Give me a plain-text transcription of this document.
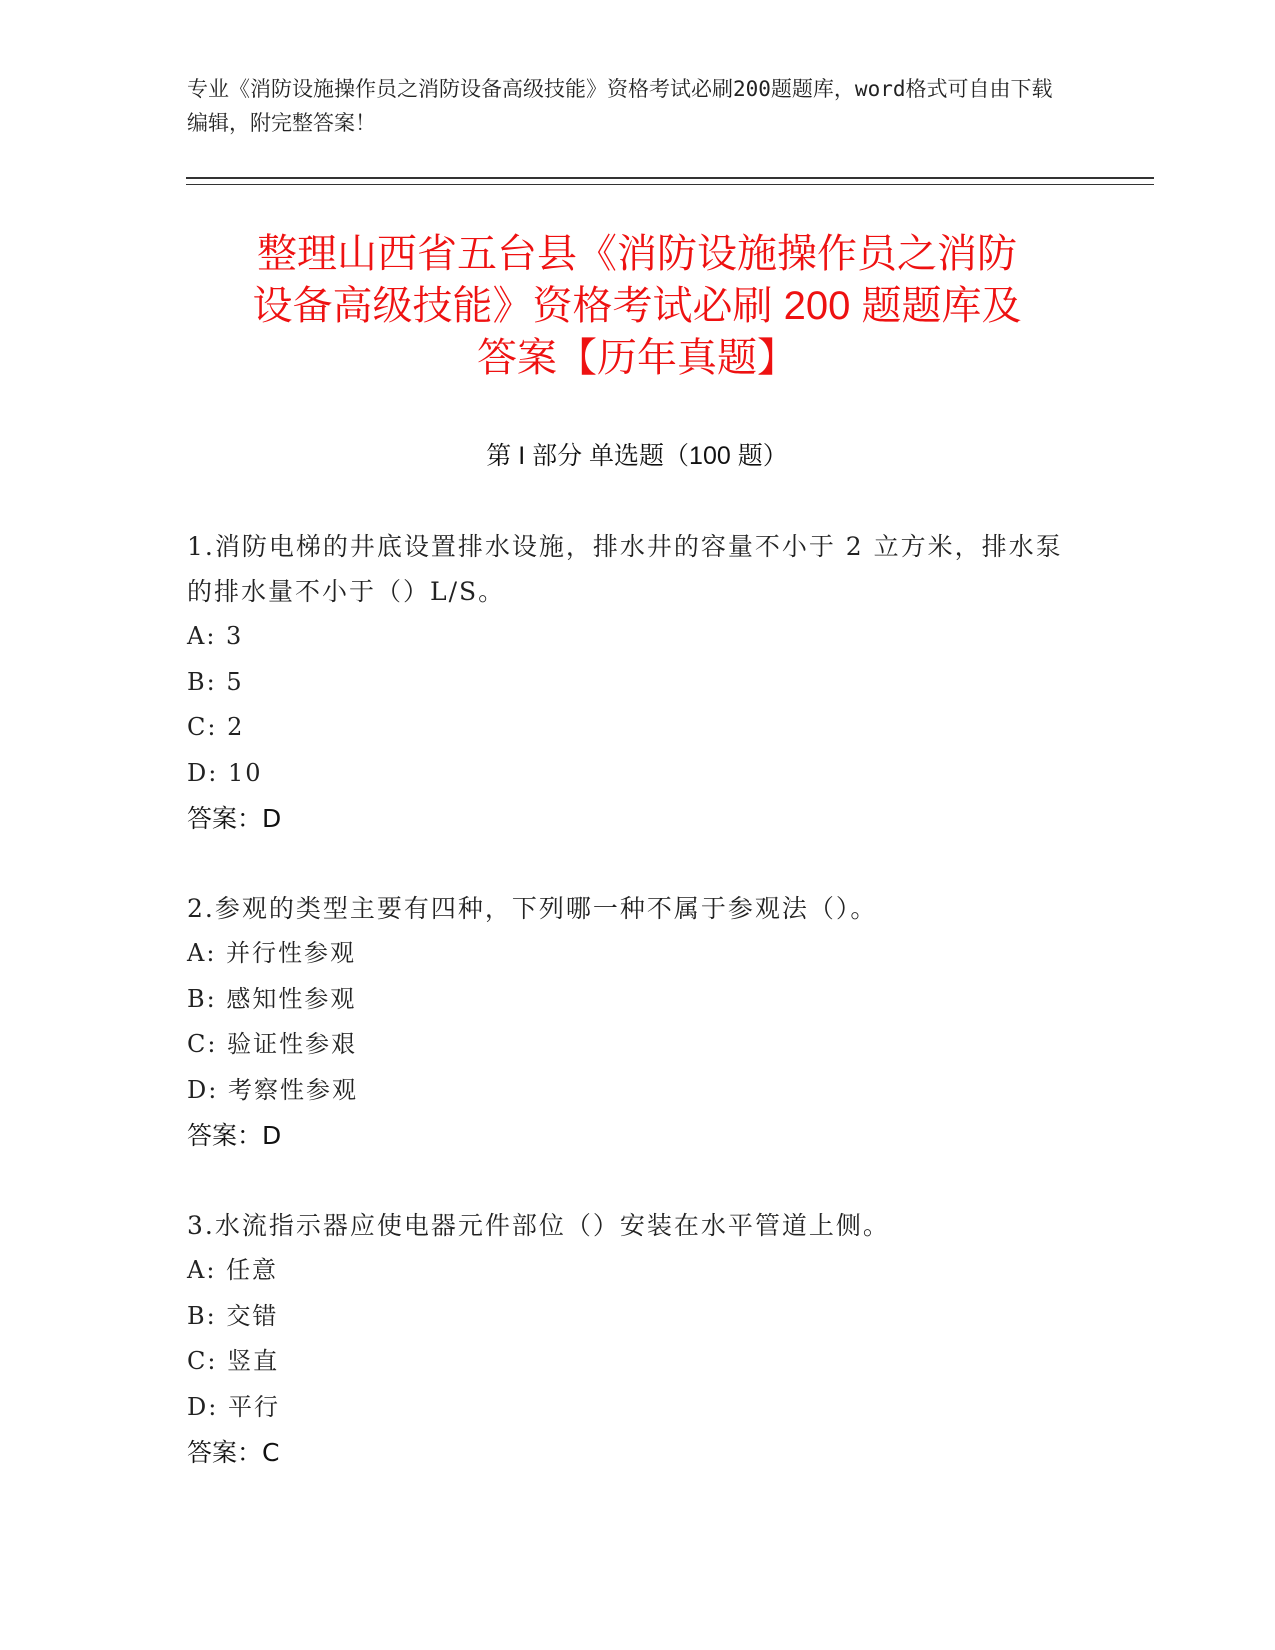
专业《消防设施操作员之消防设备高级技能》资格考试必刷200题题库，word格式可自由下载编辑，附完整答案！
整理山西省五台县《消防设施操作员之消防
设备高级技能》资格考试必刷 200 题题库及
答案【历年真题】
第 I 部分 单选题（100 题）

1.消防电梯的井底设置排水设施，排水井的容量不小于 2 立方米，排水泵的排水量不小于（）L/S。

A: 3
B: 5
C: 2
D: 10
答案：D

2.参观的类型主要有四种，下列哪一种不属于参观法（）。

A: 并行性参观
B: 感知性参观
C: 验证性参艰
D: 考察性参观
答案：D

3.水流指示器应使电器元件部位（）安装在水平管道上侧。

A: 任意
B: 交错
C: 竖直
D: 平行
答案：C
